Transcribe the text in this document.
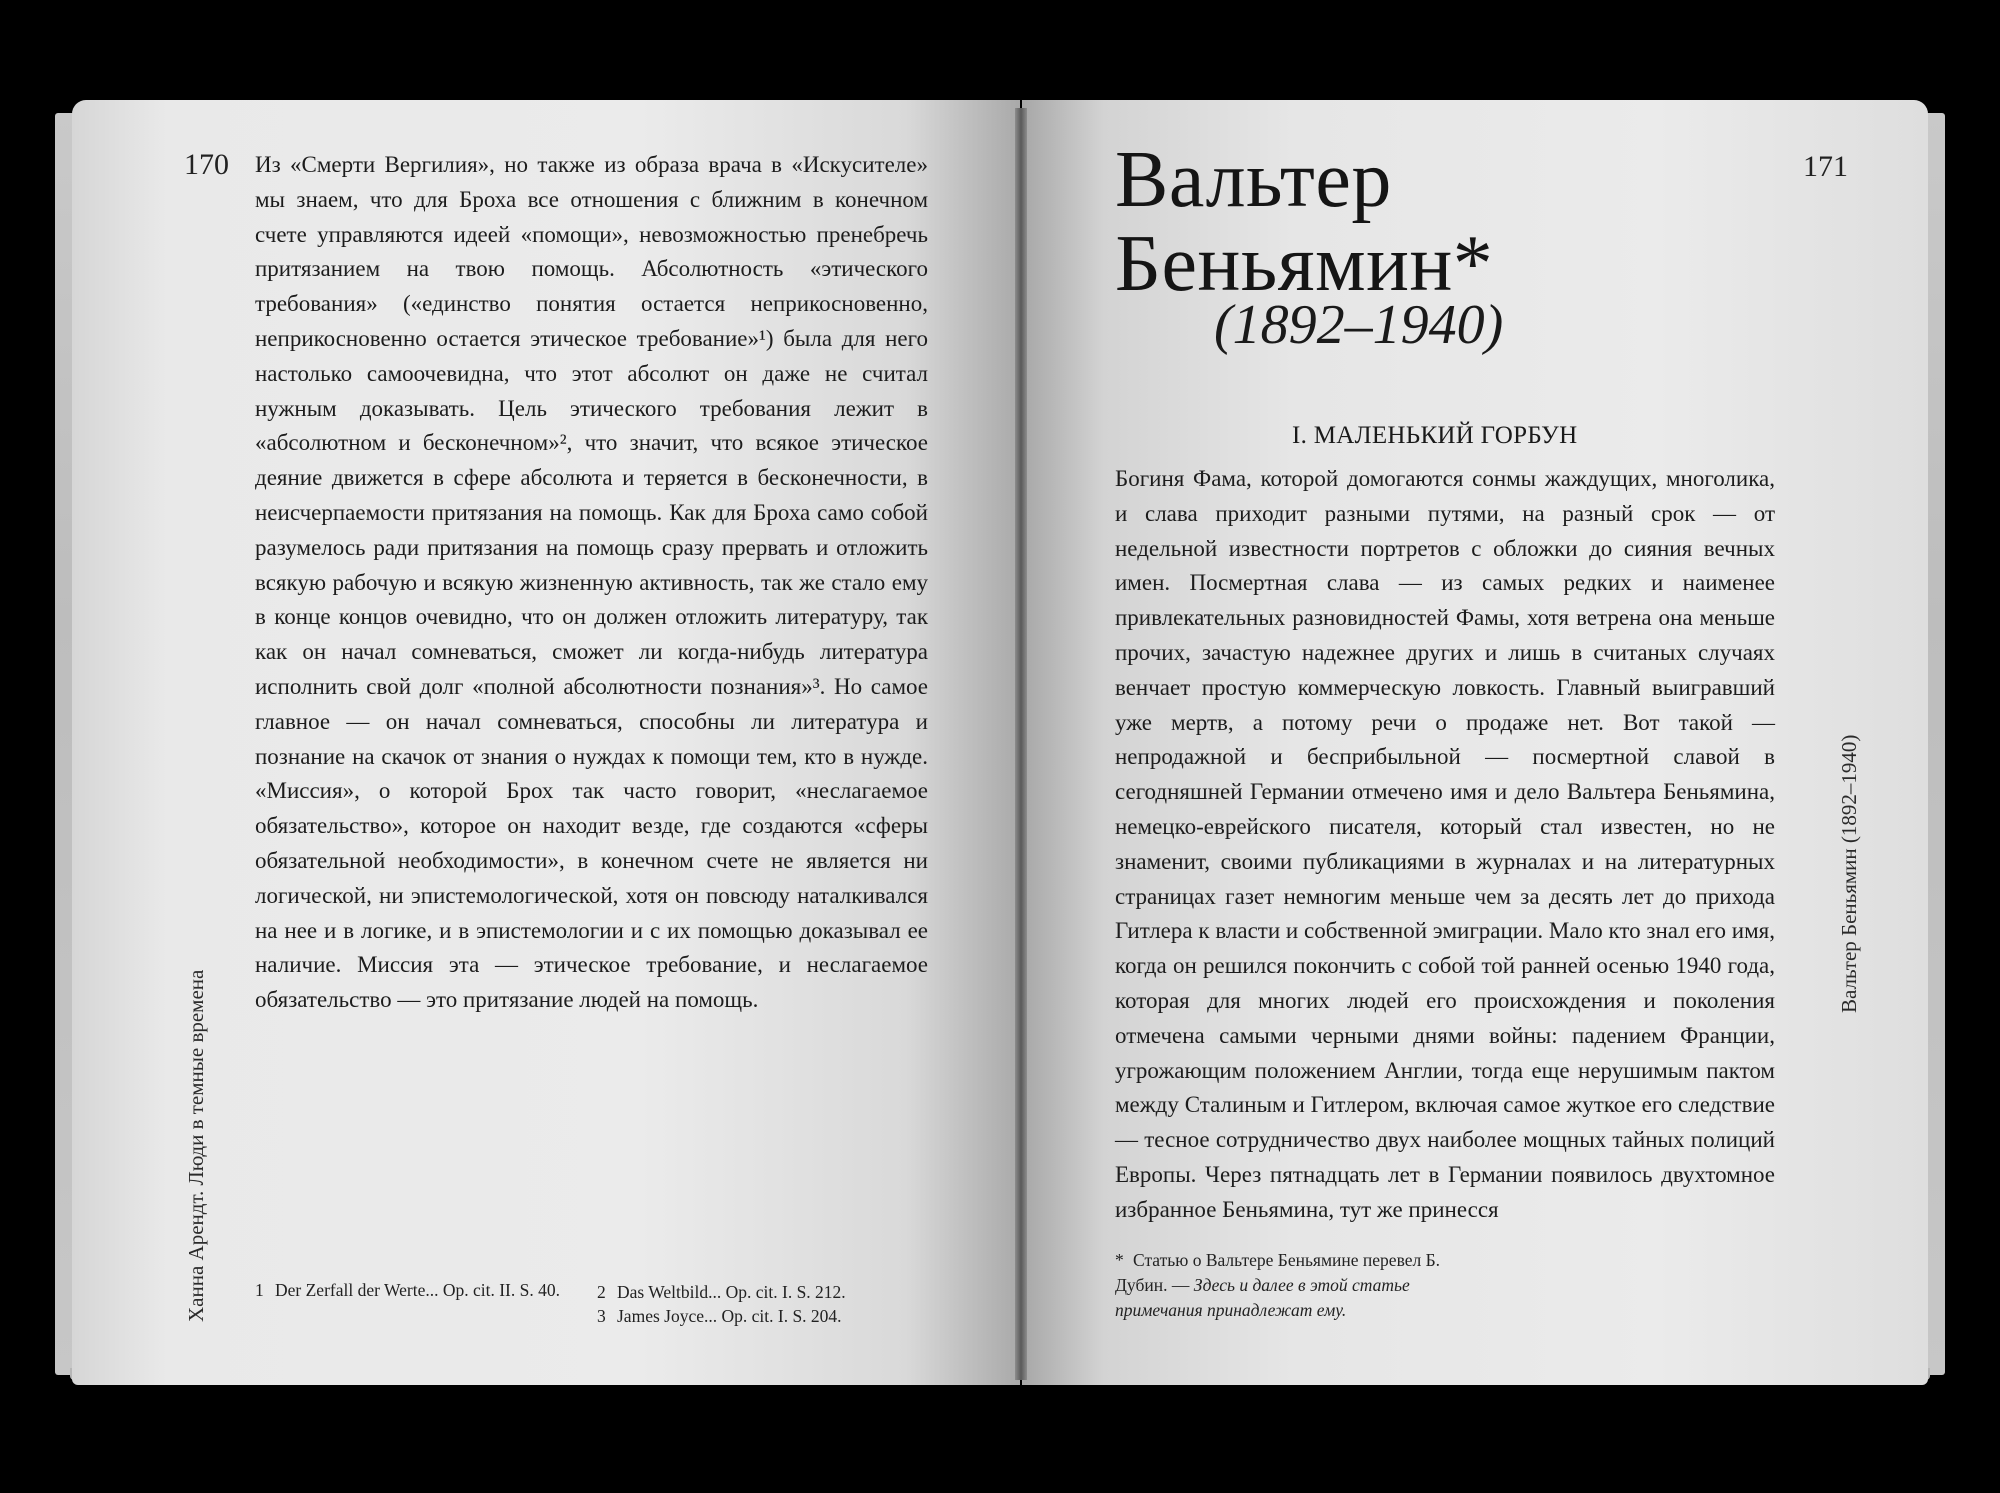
170 Из «Смерти Вергилия», но также из образа врача в «Искусителе» мы знаем, что для Броха все отношения с ближним в конечном счете управляются идеей «помощи», невозможностью пренебречь притязанием на твою помощь. Абсолютность «этического требования» («единство понятия остается неприкосновенно, неприкосновенно остается этическое требование»¹) была для него настолько самоочевидна, что этот абсолют он даже не считал нужным доказывать. Цель этического требования лежит в «абсолютном и бесконечном»², что значит, что всякое этическое деяние движется в сфере абсолюта и теряется в бесконечности, в неисчерпаемости притязания на помощь. Как для Броха само собой разумелось ради притязания на помощь сразу прервать и отложить всякую рабочую и всякую жизненную активность, так же стало ему в конце концов очевидно, что он должен отложить литературу, так как он начал сомневаться, сможет ли когда-нибудь литература исполнить свой долг «полной абсолютности познания»³. Но самое главное — он начал сомневаться, способны ли литература и познание на скачок от знания о нуждах к помощи тем, кто в нужде. «Миссия», о которой Брох так часто говорит, «неслагаемое обязательство», которое он находит везде, где создаются «сферы обязательной необходимости», в конечном счете не является ни логической, ни эпистемологической, хотя он повсюду наталкивался на нее и в логике, и в эпистемологии и с их помощью доказывал ее наличие. Миссия эта — этическое требование, и неслагаемое обязательство — это притязание людей на помощь.

Ханна Арендт. Люди в темные времена	1 Der Zerfall der Werte... Op. cit. II. S. 40.	2 Das Weltbild... Op. cit. I. S. 212.
3 James Joyce... Op. cit. I. S. 204.
171
Вальтер
Беньямин*
(1892–1940)
I. МАЛЕНЬКИЙ ГОРБУН

Богиня Фама, которой домогаются сонмы жаждущих, многолика, и слава приходит разными путями, на разный срок — от недельной известности портретов с обложки до сияния вечных имен. Посмертная слава — из самых редких и наименее привлекательных разновидностей Фамы, хотя ветрена она меньше прочих, зачастую надежнее других и лишь в считаных случаях венчает простую коммерческую ловкость. Главный выигравший уже мертв, а потому речи о продаже нет. Вот такой — непродажной и бесприбыльной — посмертной славой в сегодняшней Германии отмечено имя и дело Вальтера Беньямина, немецко-еврейского писателя, который стал известен, но не знаменит, своими публикациями в журналах и на литературных страницах газет немногим меньше чем за десять лет до прихода Гитлера к власти и собственной эмиграции. Мало кто знал его имя, когда он решился покончить с собой той ранней осенью 1940 года, которая для многих людей его происхождения и поколения отмечена самыми черными днями войны: падением Франции, угрожающим положением Англии, тогда еще нерушимым пактом между Сталиным и Гитлером, включая самое жуткое его следствие — тесное сотрудничество двух наиболее мощных тайных полиций Европы. Через пятнадцать лет в Германии появилось двухтомное избранное Беньямина, тут же принесся

Вальтер Беньямин (1892–1940)
* Статью о Вальтере Беньямине перевел Б. Дубин. — Здесь и далее в этой статье примечания принадлежат ему.
